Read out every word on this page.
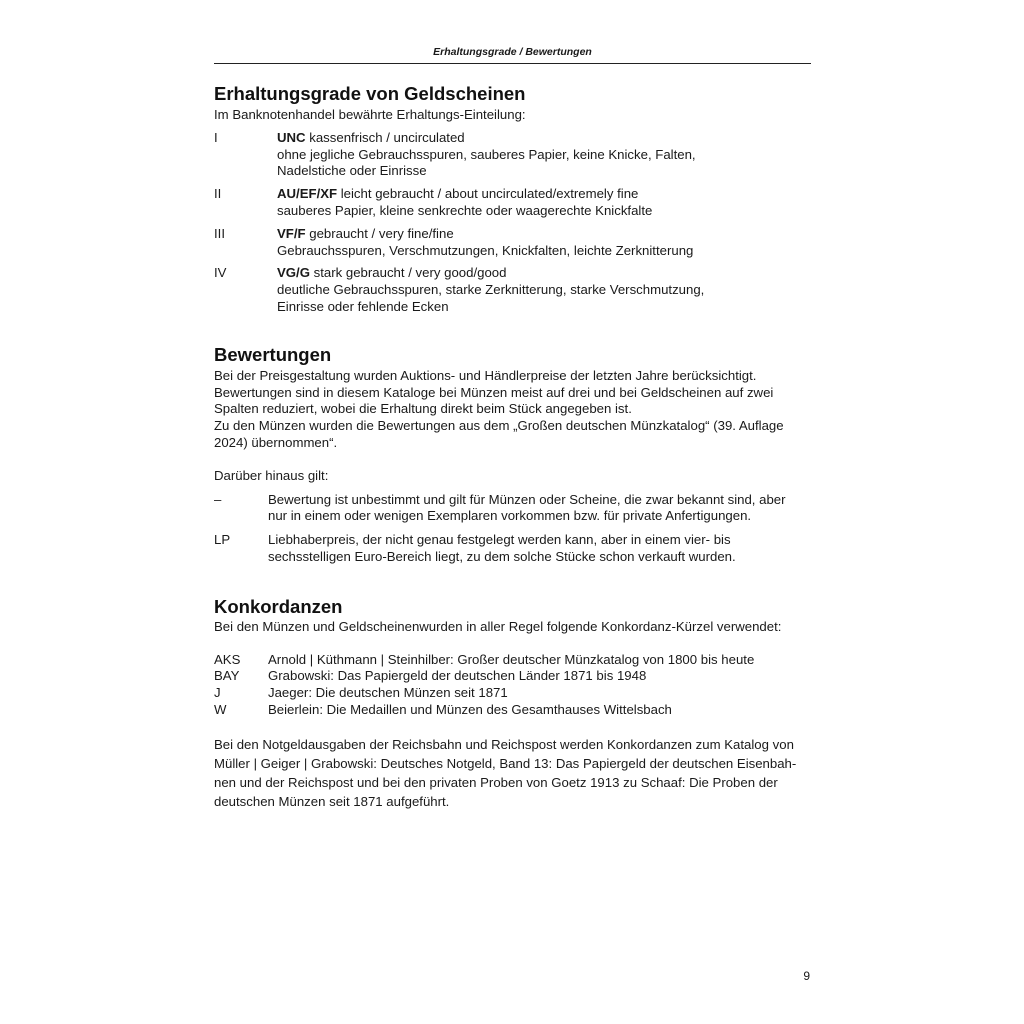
Erhaltungsgrade / Bewertungen
Erhaltungsgrade von Geldscheinen

Im Banknotenhandel bewährte Erhaltungs-Einteilung:

I	UNC kassenfrisch / uncirculated
ohne jegliche Gebrauchsspuren, sauberes Papier, keine Knicke, Falten,
Nadelstiche oder Einrisse
II	AU/EF/XF leicht gebraucht / about uncirculated/extremely fine
sauberes Papier, kleine senkrechte oder waagerechte Knickfalte
III	VF/F gebraucht / very fine/fine
Gebrauchsspuren, Verschmutzungen, Knickfalten, leichte Zerknitterung
IV	VG/G stark gebraucht / very good/good
deutliche Gebrauchsspuren, starke Zerknitterung, starke Verschmutzung,
Einrisse oder fehlende Ecken
Bewertungen

Bei der Preisgestaltung wurden Auktions- und Händlerpreise der letzten Jahre berücksichtigt.

Bewertungen sind in diesem Kataloge bei Münzen meist auf drei und bei Geldscheinen auf zwei

Spalten reduziert, wobei die Erhaltung direkt beim Stück angegeben ist.

Zu den Münzen wurden die Bewertungen aus dem „Großen deutschen Münzkatalog“ (39. Auflage

2024) übernommen“.

Darüber hinaus gilt:

–	Bewertung ist unbestimmt und gilt für Münzen oder Scheine, die zwar bekannt sind, aber
nur in einem oder wenigen Exemplaren vorkommen bzw. für private Anfertigungen.
LP	Liebhaberpreis, der nicht genau festgelegt werden kann, aber in einem vier- bis
sechsstelligen Euro-Bereich liegt, zu dem solche Stücke schon verkauft wurden.
Konkordanzen

Bei den Münzen und Geldscheinenwurden in aller Regel folgende Konkordanz-Kürzel verwendet:

AKS	Arnold | Küthmann | Steinhilber: Großer deutscher Münzkatalog von 1800 bis heute
BAY	Grabowski: Das Papiergeld der deutschen Länder 1871 bis 1948
J	Jaeger: Die deutschen Münzen seit 1871
W	Beierlein: Die Medaillen und Münzen des Gesamthauses Wittelsbach

Bei den Notgeldausgaben der Reichsbahn und Reichspost werden Konkordanzen zum Katalog von

Müller | Geiger | Grabowski: Deutsches Notgeld, Band 13: Das Papiergeld der deutschen Eisenbah-

nen und der Reichspost und bei den privaten Proben von Goetz 1913 zu Schaaf: Die Proben der

deutschen Münzen seit 1871 aufgeführt.

9
